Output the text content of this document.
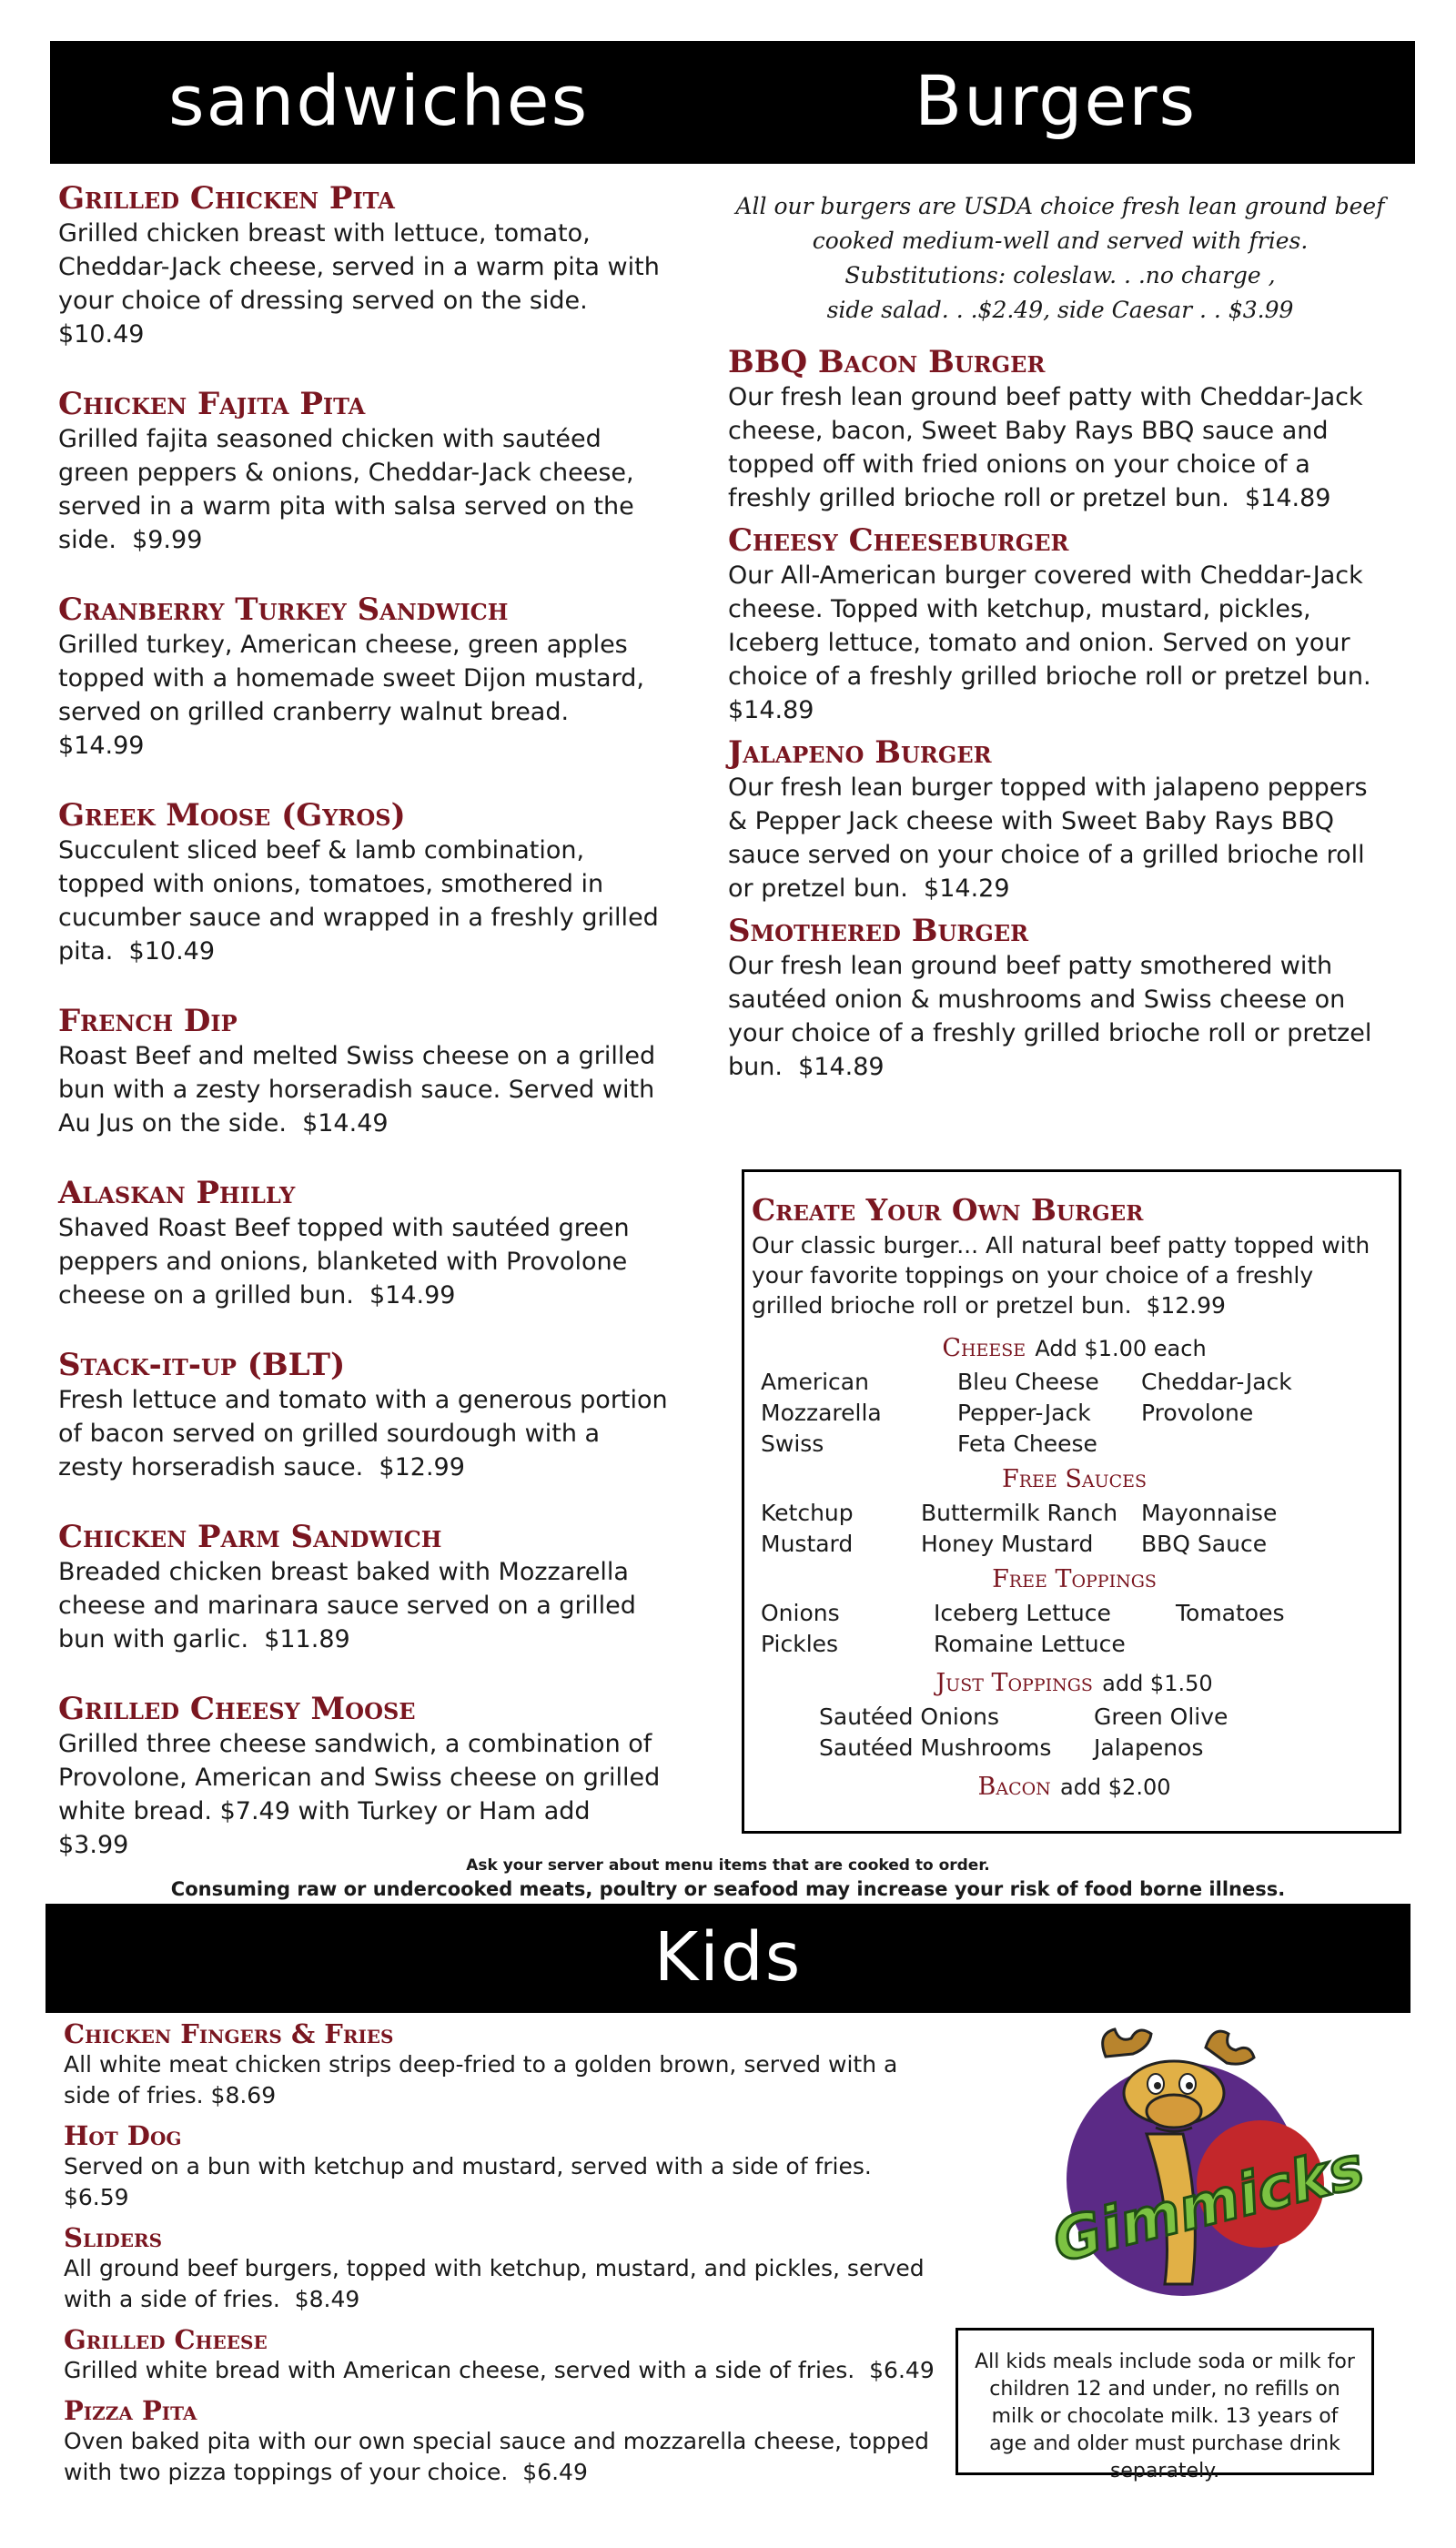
sandwiches	Burgers
Grilled Chicken Pita
Grilled chicken breast with lettuce, tomato, Cheddar-Jack cheese, served in a warm pita with your choice of dressing served on the side.
$10.49
Chicken Fajita Pita
Grilled fajita seasoned chicken with sautéed green peppers & onions, Cheddar-Jack cheese, served in a warm pita with salsa served on the side. $9.99
Cranberry Turkey Sandwich
Grilled turkey, American cheese, green apples topped with a homemade sweet Dijon mustard, served on grilled cranberry walnut bread.
$14.99
Greek Moose (Gyros)
Succulent sliced beef & lamb combination, topped with onions, tomatoes, smothered in cucumber sauce and wrapped in a freshly grilled pita. $10.49
French Dip
Roast Beef and melted Swiss cheese on a grilled bun with a zesty horseradish sauce. Served with Au Jus on the side. $14.49
Alaskan Philly
Shaved Roast Beef topped with sautéed green peppers and onions, blanketed with Provolone cheese on a grilled bun. $14.99
Stack-it-up (BLT)
Fresh lettuce and tomato with a generous portion of bacon served on grilled sourdough with a zesty horseradish sauce. $12.99
Chicken Parm Sandwich
Breaded chicken breast baked with Mozzarella cheese and marinara sauce served on a grilled bun with garlic. $11.89
Grilled Cheesy Moose
Grilled three cheese sandwich, a combination of Provolone, American and Swiss cheese on grilled white bread. $7.49 with Turkey or Ham add $3.99
All our burgers are USDA choice fresh lean ground beef
cooked medium-well and served with fries.
Substitutions: coleslaw. . .no charge ,
side salad. . .$2.49, side Caesar . . $3.99
BBQ Bacon Burger
Our fresh lean ground beef patty with Cheddar-Jack cheese, bacon, Sweet Baby Rays BBQ sauce and topped off with fried onions on your choice of a freshly grilled brioche roll or pretzel bun. $14.89
Cheesy Cheeseburger
Our All-American burger covered with Cheddar-Jack cheese. Topped with ketchup, mustard, pickles, Iceberg lettuce, tomato and onion. Served on your choice of a freshly grilled brioche roll or pretzel bun. $14.89
Jalapeno Burger
Our fresh lean burger topped with jalapeno peppers & Pepper Jack cheese with Sweet Baby Rays BBQ sauce served on your choice of a grilled brioche roll or pretzel bun. $14.29
Smothered Burger
Our fresh lean ground beef patty smothered with sautéed onion & mushrooms and Swiss cheese on your choice of a freshly grilled brioche roll or pretzel bun. $14.89
Create Your Own Burger
Our classic burger... All natural beef patty topped with your favorite toppings on your choice of a freshly grilled brioche roll or pretzel bun. $12.99
Cheese Add $1.00 each
American
Mozzarella
Swiss
Bleu Cheese
Pepper-Jack
Feta Cheese
Cheddar-Jack
Provolone
Free Sauces
Ketchup
Mustard
Buttermilk Ranch
Honey Mustard
Mayonnaise
BBQ Sauce
Free Toppings
Onions
Pickles
Iceberg Lettuce
Romaine Lettuce
Tomatoes
Just Toppings add $1.50
Sautéed Onions
Sautéed Mushrooms
Green Olive
Jalapenos
Bacon add $2.00
Ask your server about menu items that are cooked to order.
Consuming raw or undercooked meats, poultry or seafood may increase your risk of food borne illness.
Kids
Chicken Fingers & Fries
All white meat chicken strips deep-fried to a golden brown, served with a side of fries. $8.69
Hot Dog
Served on a bun with ketchup and mustard, served with a side of fries.
$6.59
Sliders
All ground beef burgers, topped with ketchup, mustard, and pickles, served with a side of fries. $8.49
Grilled Cheese
Grilled white bread with American cheese, served with a side of fries. $6.49
Pizza Pita
Oven baked pita with our own special sauce and mozzarella cheese, topped with two pizza toppings of your choice. $6.49
Gimmicks
All kids meals include soda or milk for children 12 and under, no refills on milk or chocolate milk. 13 years of age and older must purchase drink separately.
